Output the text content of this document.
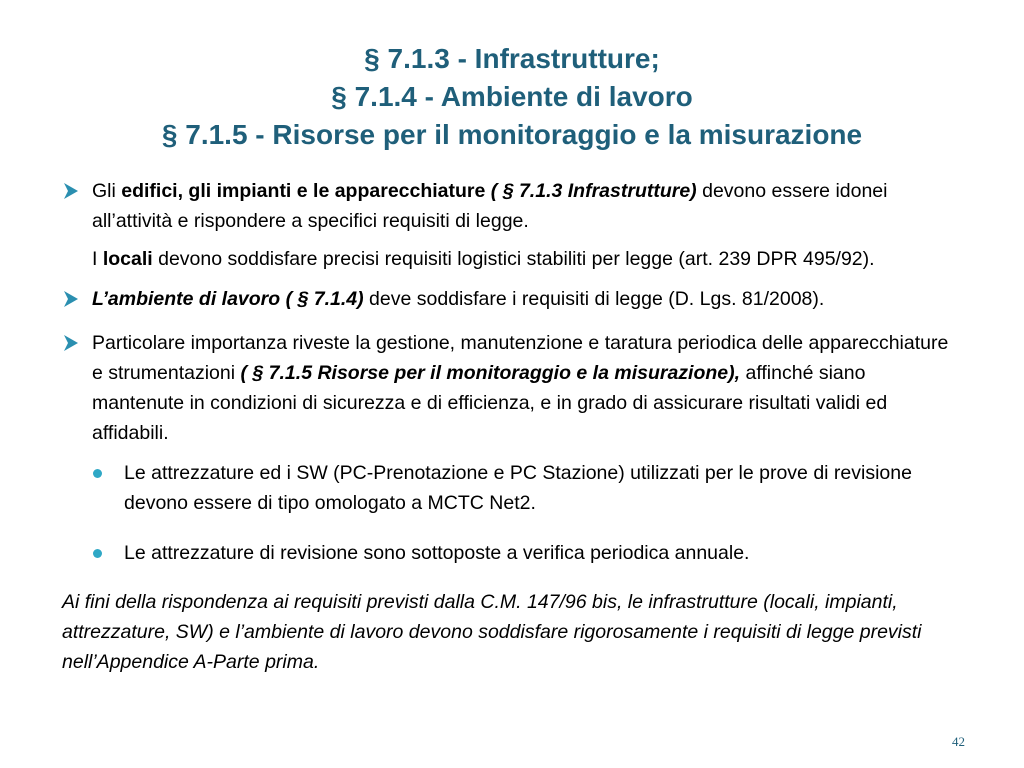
§ 7.1.3 - Infrastrutture;
§ 7.1.4 - Ambiente di lavoro
§ 7.1.5 - Risorse per il monitoraggio e la misurazione

Gli edifici, gli impianti e le apparecchiature ( § 7.1.3 Infrastrutture) devono essere idonei all’attività e rispondere a specifici requisiti di legge.

I locali devono soddisfare precisi requisiti logistici stabiliti per legge (art. 239 DPR 495/92).

L’ambiente di lavoro ( § 7.1.4) deve soddisfare i requisiti di legge (D. Lgs. 81/2008).

Particolare importanza riveste la gestione, manutenzione e taratura periodica delle apparecchiature e strumentazioni ( § 7.1.5 Risorse per il monitoraggio e la misurazione), affinché siano mantenute in condizioni di sicurezza e di efficienza, e in grado di assicurare risultati validi ed affidabili.

Le attrezzature ed i SW (PC-Prenotazione e PC Stazione) utilizzati per le prove di revisione devono essere di tipo omologato a MCTC Net2.

Le attrezzature di revisione sono sottoposte a verifica periodica annuale.

Ai fini della rispondenza ai requisiti previsti dalla C.M. 147/96 bis, le infrastrutture (locali, impianti, attrezzature, SW) e l’ambiente di lavoro devono soddisfare rigorosamente i requisiti di legge previsti nell’Appendice A-Parte prima.

42
